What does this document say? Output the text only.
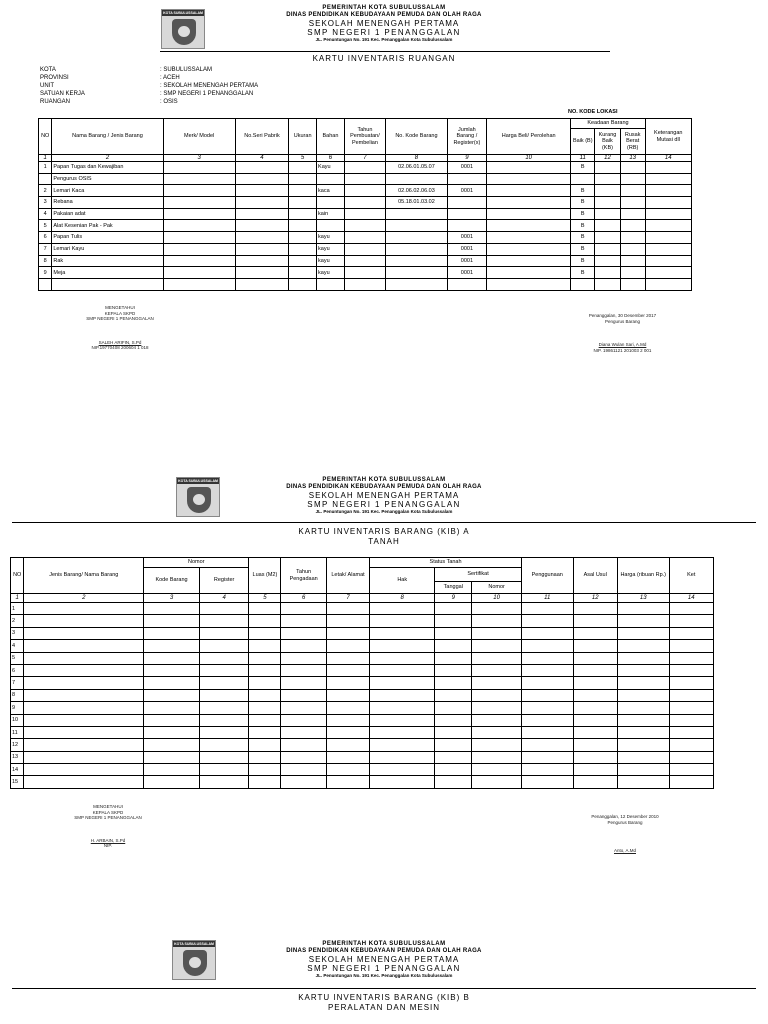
KOTA SUBULUSSALAM
PEMERINTAH KOTA SUBULUSSALAM
DINAS PENDIDIKAN KEBUDAYAAN PEMUDA DAN OLAH RAGA
SEKOLAH MENENGAH PERTAMA
SMP NEGERI 1 PENANGGALAN
JL. Penuntungan No. 191 Kec. Penanggalan Kota Subulussalam
KARTU INVENTARIS RUANGAN
KOTA	: SUBULUSSALAM
PROVINSI	: ACEH
UNIT	: SEKOLAH MENENGAH PERTAMA
SATUAN KERJA	: SMP NEGERI 1 PENANGGALAN
RUANGAN	: OSIS
NO. KODE LOKASI
NO	Nama Barang / Jenis Barang	Merk/ Model	No.Seri Pabrik	Ukuran	Bahan	Tahun Pembuatan/ Pembelian	No. Kode Barang	Jumlah Barang / Register(x)	Harga Beli/ Perolehan	Keadaan Barang			Keterangan Mutasi dll
										Baik (B)	Kurang Baik (KB)	Rusak Berat (RB)	
1	2	3	4	5	6	7	8	9	10	11	12	13	14
1	Papan Tugas dan Kewajiban				Kayu		02.06.01.05.07	0001		B			
	Pengurus OSIS												
2	Lemari Kaca				kaca		02.06.02.06.03	0001		B			
3	Rebana						05.18.01.03.02			B			
4	Pakaian adat				kain					B			
5	Alat Kesenian Pak - Pak									B			
6	Papan Tulis				kayu			0001		B			
7	Lemari Kayu				kayu			0001		B			
8	Rak				kayu			0001		B			
9	Meja				kayu			0001		B			

MENGETAHUI
KEPALA SKPD
SMP NEGERI 1 PENANGGALAN
SALEH ARIFIN, S.Pd
NIP.19770408 200604 1 018
Penanggalan, 30 Desember 2017
Pengurus Barang
Diana Wulan Sari, A.Md
NIP. 19861121 201003 2 001
KOTA SUBULUSSALAM	PEMERINTAH KOTA SUBULUSSALAM
DINAS PENDIDIKAN KEBUDAYAAN PEMUDA DAN OLAH RAGA
SEKOLAH MENENGAH PERTAMA
SMP NEGERI 1 PENANGGALAN
JL. Penuntungan No. 191 Kec. Penanggalan Kota Subulussalam
KARTU INVENTARIS BARANG (KIB) A
TANAH
NO	Jenis Barang/ Nama Barang	Nomor		Luas (M2)	Tahun Pengadaan	Letak/ Alamat	Status Tanah			Penggunaan	Asal Usul	Harga (ribuan Rp.)	Ket
		Kode Barang	Register				Hak	Sertifikat					
								Tanggal	Nomor				
1	2	3	4	5	6	7	8	9	10	11	12	13	14
1													
2													
3													
4													
5													
6													
7													
8													
9													
10													
11													
12													
13													
14													
15													
MENGETAHUI
KEPALA SKPD
SMP NEGERI 1 PENANGGALAN
H. ARBAIN, S.Pd
NIP.
Penanggalan, 12 Desember 2010
Pengurus Barang
Anto, A.Md
KOTA SUBULUSSALAM	PEMERINTAH KOTA SUBULUSSALAM
DINAS PENDIDIKAN KEBUDAYAAN PEMUDA DAN OLAH RAGA
SEKOLAH MENENGAH PERTAMA
SMP NEGERI 1 PENANGGALAN
JL. Penuntungan No. 191 Kec. Penanggalan Kota Subulussalam
KARTU INVENTARIS BARANG (KIB) B
PERALATAN DAN MESIN
